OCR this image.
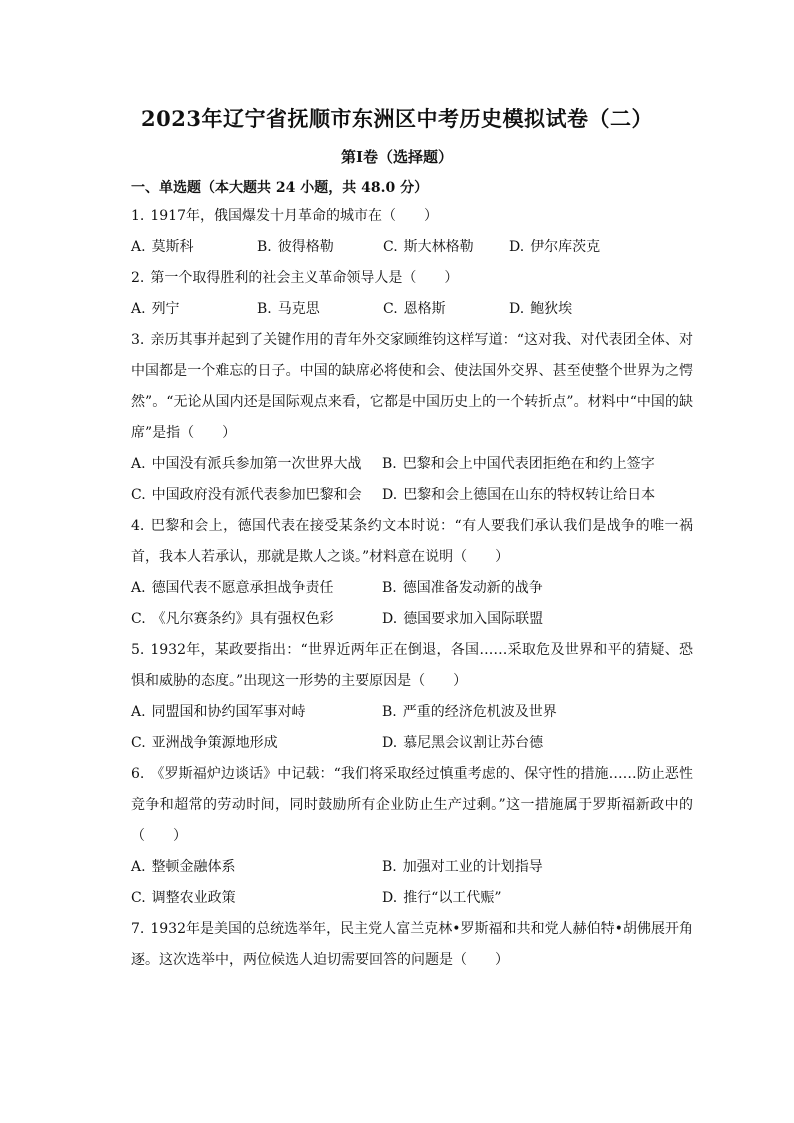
2023年辽宁省抚顺市东洲区中考历史模拟试卷（二）
第Ⅰ卷（选择题）
一、单选题（本大题共 24 小题，共 48.0 分）

1. 1917年，俄国爆发十月革命的城市在（　　）

A. 莫斯科	B. 彼得格勒	C. 斯大林格勒	D. 伊尔库茨克

2. 第一个取得胜利的社会主义革命领导人是（　　）

A. 列宁	B. 马克思	C. 恩格斯	D. 鲍狄埃

3. 亲历其事并起到了关键作用的青年外交家顾维钧这样写道：“这对我、对代表团全体、对中国都是一个难忘的日子。中国的缺席必将使和会、使法国外交界、甚至使整个世界为之愕然”。“无论从国内还是国际观点来看，它都是中国历史上的一个转折点”。材料中“中国的缺席”是指（　　）

A. 中国没有派兵参加第一次世界大战	B. 巴黎和会上中国代表团拒绝在和约上签字
C. 中国政府没有派代表参加巴黎和会	D. 巴黎和会上德国在山东的特权转让给日本

4. 巴黎和会上，德国代表在接受某条约文本时说：“有人要我们承认我们是战争的唯一祸首，我本人若承认，那就是欺人之谈。”材料意在说明（　　）

A. 德国代表不愿意承担战争责任	B. 德国准备发动新的战争
C. 《凡尔赛条约》具有强权色彩	D. 德国要求加入国际联盟

5. 1932年，某政要指出：“世界近两年正在倒退，各国……采取危及世界和平的猜疑、恐惧和威胁的态度。”出现这一形势的主要原因是（　　）

A. 同盟国和协约国军事对峙	B. 严重的经济危机波及世界
C. 亚洲战争策源地形成	D. 慕尼黑会议割让苏台德

6. 《罗斯福炉边谈话》中记载：“我们将采取经过慎重考虑的、保守性的措施……防止恶性竞争和超常的劳动时间，同时鼓励所有企业防止生产过剩。”这一措施属于罗斯福新政中的（　　）

A. 整顿金融体系	B. 加强对工业的计划指导
C. 调整农业政策	D. 推行“以工代赈”

7. 1932年是美国的总统选举年，民主党人富兰克林•罗斯福和共和党人赫伯特•胡佛展开角逐。这次选举中，两位候选人迫切需要回答的问题是（　　）
